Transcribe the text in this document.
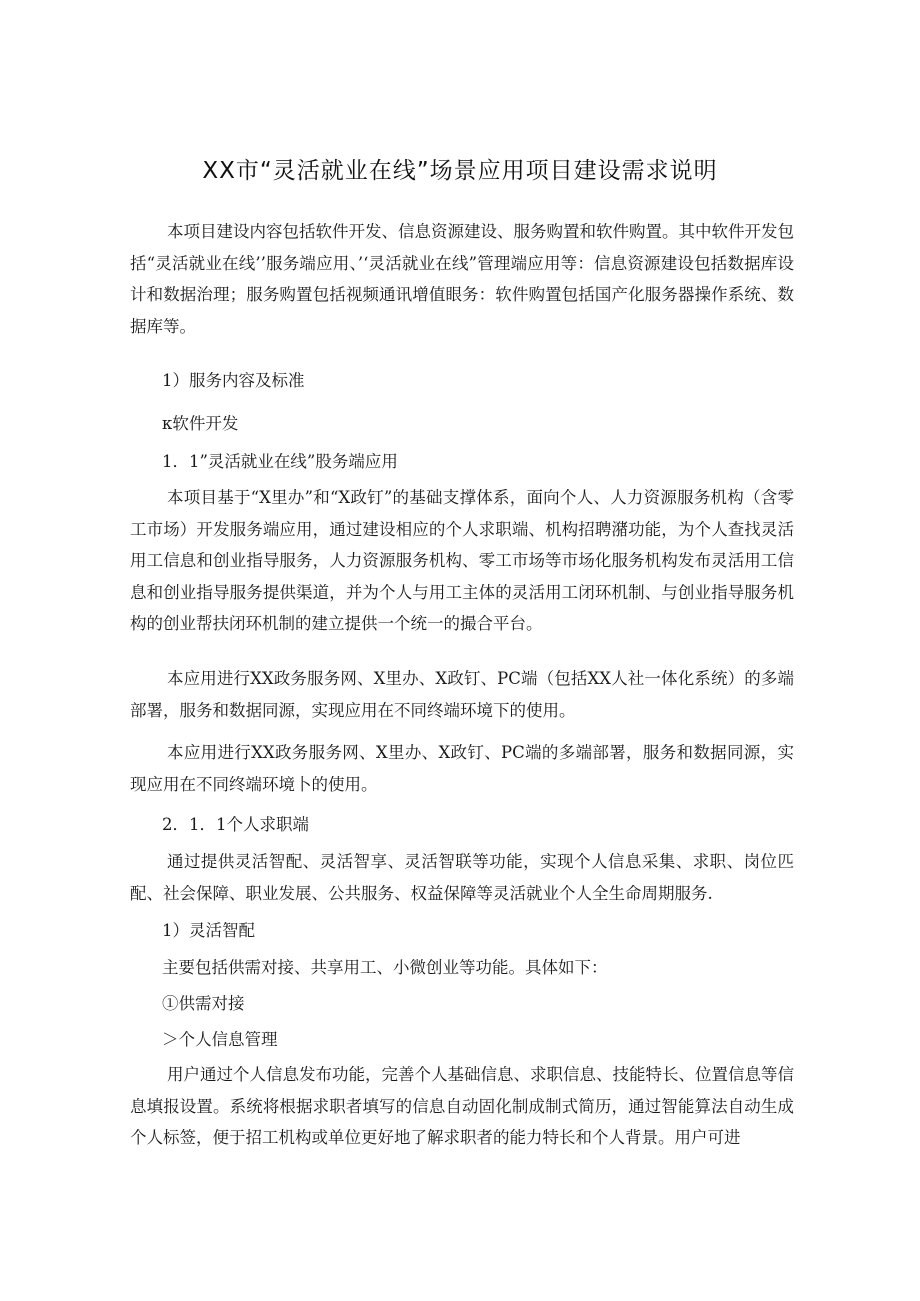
XX市“灵活就业在线”场景应用项目建设需求说明
本项目建设内容包括软件开发、信息资源建设、服务购置和软件购置。其中软件开发包括“灵活就业在线’’服务端应用、’‘灵活就业在线”管理端应用等：信息资源建设包括数据库设计和数据治理；服务购置包括视频通讯增值眼务：软件购置包括国产化服务器操作系统、数据库等。
1）服务内容及标准
κ软件开发
1．1”灵活就业在线”股务端应用
本项目基于“X里办”和“X政钉”的基础支撑体系，面向个人、人力资源服务机构（含零工市场）开发服务端应用，通过建设相应的个人求职端、机构招聘潴功能，为个人查找灵活用工信息和创业指导服务，人力资源服务机构、零工市场等市场化服务机构发布灵活用工信息和创业指导服务提供渠道，并为个人与用工主体的灵活用工闭环机制、与创业指导服务机构的创业帮扶闭环机制的建立提供一个统一的撮合平台。
本应用进行XX政务服务网、X里办、X政钉、PC端（包括XX人社一体化系统）的多端部署，服务和数据同源，实现应用在不同终端环境下的使用。
本应用进行XX政务服务网、X里办、X政钉、PC端的多端部署，服务和数据同源，实现应用在不同终端环境卜的使用。
2．1．1个人求职端
通过提供灵活智配、灵活智享、灵活智联等功能，实现个人信息采集、求职、岗位匹配、社会保障、职业发展、公共服务、权益保障等灵活就业个人全生命周期服务.
1）灵活智配
主要包括供需对接、共享用工、小微创业等功能。具体如下：
①供需对接
＞个人信息管理
用户通过个人信息发布功能，完善个人基础信息、求职信息、技能特长、位置信息等信息填报设置。系统将根据求职者填写的信息自动固化制成制式简历，通过智能算法自动生成个人标签，便于招工机构或单位更好地了解求职者的能力特长和个人背景。用户可进
